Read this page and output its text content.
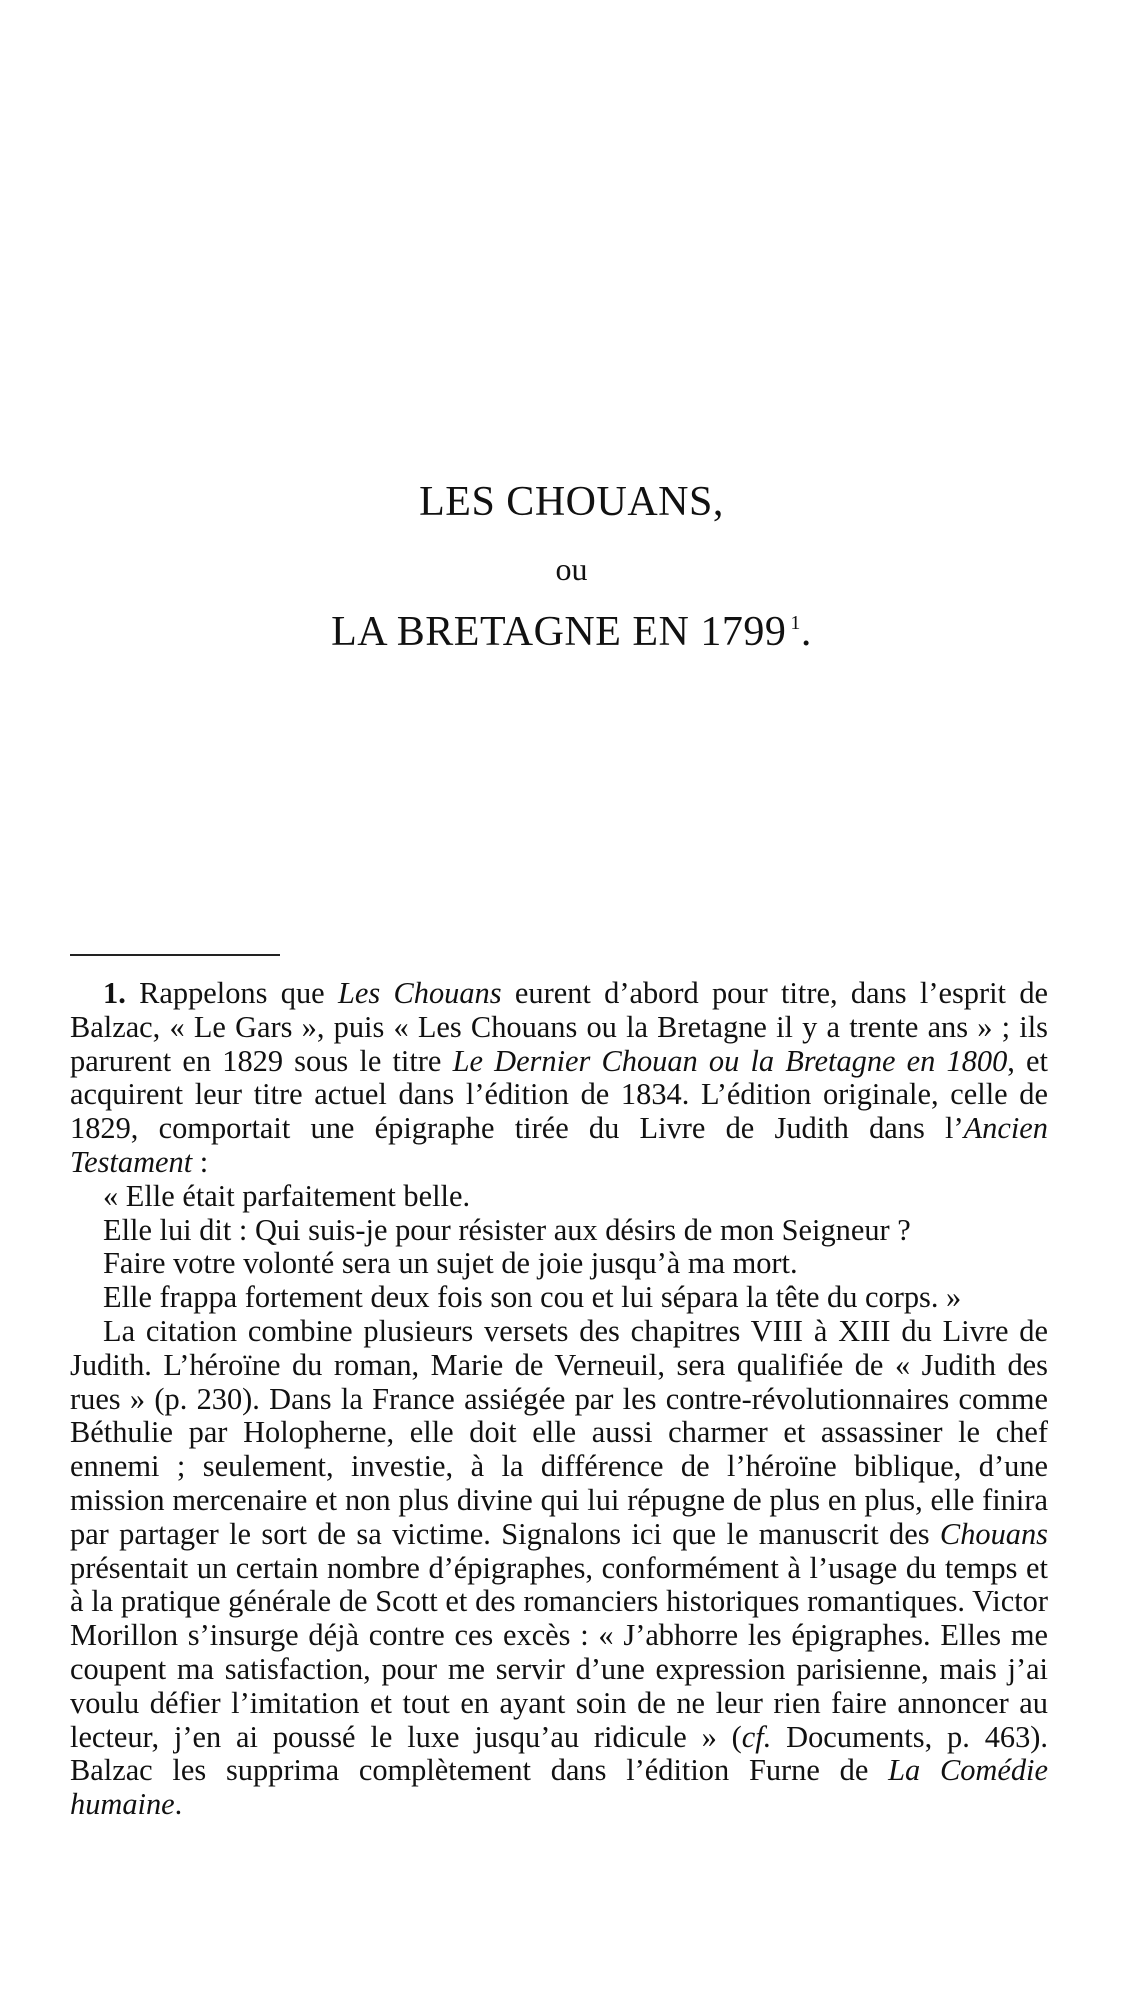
LES CHOUANS,
ou
LA BRETAGNE EN 1799 $^1$.

1. Rappelons que Les Chouans eurent d’abord pour titre, dans l’esprit de Balzac, « Le Gars », puis « Les Chouans ou la Bretagne il y a trente ans » ; ils parurent en 1829 sous le titre Le Dernier Chouan ou la Bretagne en 1800, et acquirent leur titre actuel dans l’édition de 1834. L’édition originale, celle de 1829, comportait une épigraphe tirée du Livre de Judith dans l’Ancien Testament :

« Elle était parfaitement belle.

Elle lui dit : Qui suis-je pour résister aux désirs de mon Seigneur ?

Faire votre volonté sera un sujet de joie jusqu’à ma mort.

Elle frappa fortement deux fois son cou et lui sépara la tête du corps. »

La citation combine plusieurs versets des chapitres VIII à XIII du Livre de Judith. L’héroïne du roman, Marie de Verneuil, sera qualifiée de « Judith des rues » (p. 230). Dans la France assiégée par les contre-révolutionnaires comme Béthulie par Holopherne, elle doit elle aussi charmer et assassiner le chef ennemi ; seulement, investie, à la différence de l’héroïne biblique, d’une mission mercenaire et non plus divine qui lui répugne de plus en plus, elle finira par partager le sort de sa victime. Signalons ici que le manuscrit des Chouans présentait un certain nombre d’épigraphes, conformément à l’usage du temps et à la pratique générale de Scott et des romanciers historiques romantiques. Victor Morillon s’insurge déjà contre ces excès : « J’abhorre les épigraphes. Elles me coupent ma satisfaction, pour me servir d’une expression parisienne, mais j’ai voulu défier l’imitation et tout en ayant soin de ne leur rien faire annoncer au lecteur, j’en ai poussé le luxe jusqu’au ridicule » (cf. Documents, p. 463). Balzac les supprima complètement dans l’édition Furne de La Comédie humaine.
